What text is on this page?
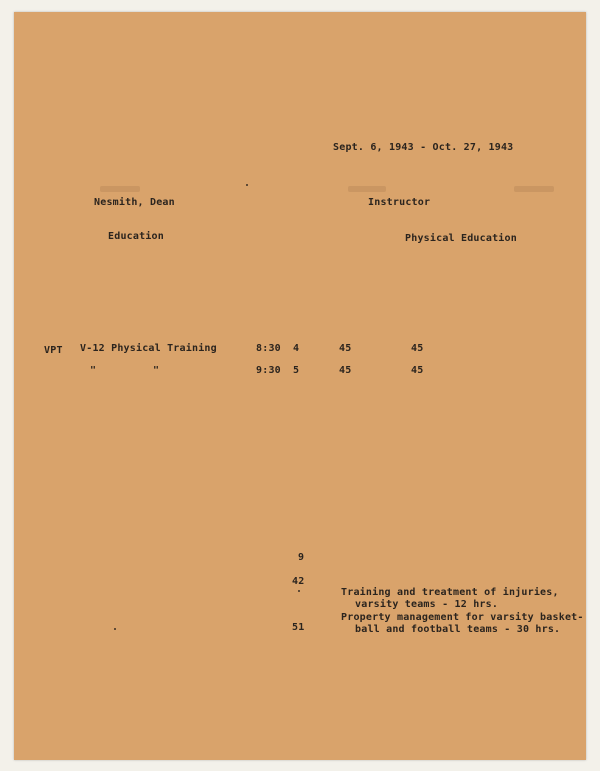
Sept. 6, 1943 - Oct. 27, 1943
Nesmith, Dean	Instructor
Education	Physical Education
VPT V-12 Physical Training	8:30 4	45	45
"	"	9:30 5	45	45
9
42
51
Training and treatment of injuries,
varsity teams - 12 hrs.
Property management for varsity basket-
ball and football teams - 30 hrs.
